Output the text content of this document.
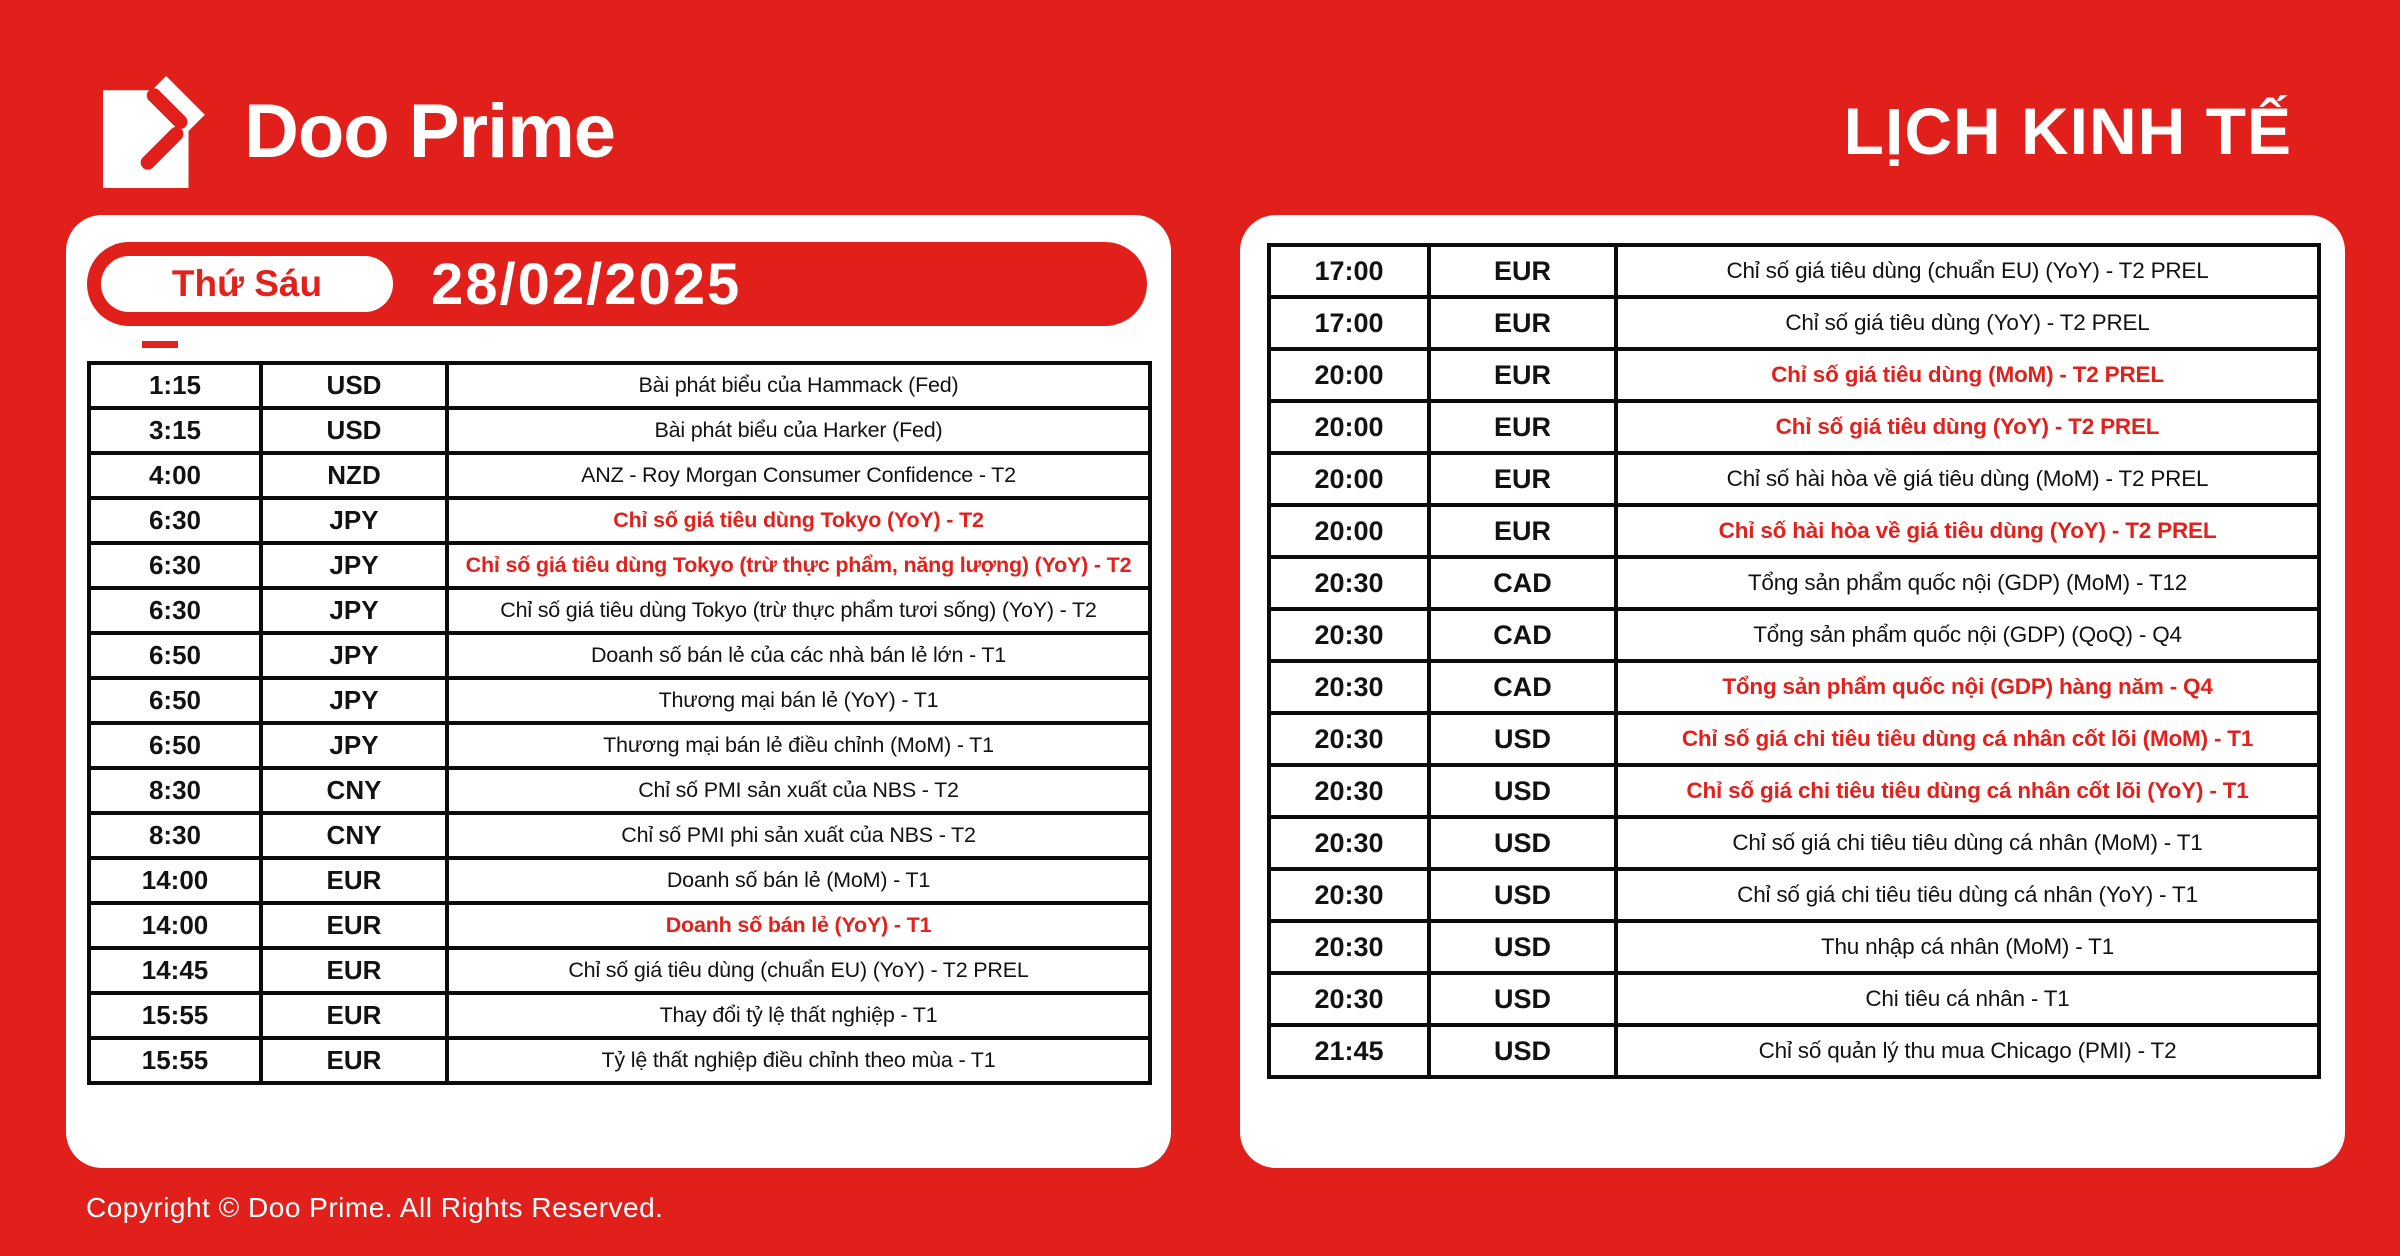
Doo Prime	LỊCH KINH TẾ
Thứ Sáu 28/02/2025
1:15	USD	Bài phát biểu của Hammack (Fed)
3:15	USD	Bài phát biểu của Harker (Fed)
4:00	NZD	ANZ - Roy Morgan Consumer Confidence - T2
6:30	JPY	Chỉ số giá tiêu dùng Tokyo (YoY) - T2
6:30	JPY	Chỉ số giá tiêu dùng Tokyo (trừ thực phẩm, năng lượng) (YoY) - T2
6:30	JPY	Chỉ số giá tiêu dùng Tokyo (trừ thực phẩm tươi sống) (YoY) - T2
6:50	JPY	Doanh số bán lẻ của các nhà bán lẻ lớn - T1
6:50	JPY	Thương mại bán lẻ (YoY) - T1
6:50	JPY	Thương mại bán lẻ điều chỉnh (MoM) - T1
8:30	CNY	Chỉ số PMI sản xuất của NBS - T2
8:30	CNY	Chỉ số PMI phi sản xuất của NBS - T2
14:00	EUR	Doanh số bán lẻ (MoM) - T1
14:00	EUR	Doanh số bán lẻ (YoY) - T1
14:45	EUR	Chỉ số giá tiêu dùng (chuẩn EU) (YoY) - T2 PREL
15:55	EUR	Thay đổi tỷ lệ thất nghiệp - T1
15:55	EUR	Tỷ lệ thất nghiệp điều chỉnh theo mùa - T1
17:00	EUR	Chỉ số giá tiêu dùng (chuẩn EU) (YoY) - T2 PREL
17:00	EUR	Chỉ số giá tiêu dùng (YoY) - T2 PREL
20:00	EUR	Chỉ số giá tiêu dùng (MoM) - T2 PREL
20:00	EUR	Chỉ số giá tiêu dùng (YoY) - T2 PREL
20:00	EUR	Chỉ số hài hòa về giá tiêu dùng (MoM) - T2 PREL
20:00	EUR	Chỉ số hài hòa về giá tiêu dùng (YoY) - T2 PREL
20:30	CAD	Tổng sản phẩm quốc nội (GDP) (MoM) - T12
20:30	CAD	Tổng sản phẩm quốc nội (GDP) (QoQ) - Q4
20:30	CAD	Tổng sản phẩm quốc nội (GDP) hàng năm - Q4
20:30	USD	Chỉ số giá chi tiêu tiêu dùng cá nhân cốt lõi (MoM) - T1
20:30	USD	Chỉ số giá chi tiêu tiêu dùng cá nhân cốt lõi (YoY) - T1
20:30	USD	Chỉ số giá chi tiêu tiêu dùng cá nhân (MoM) - T1
20:30	USD	Chỉ số giá chi tiêu tiêu dùng cá nhân (YoY) - T1
20:30	USD	Thu nhập cá nhân (MoM) - T1
20:30	USD	Chi tiêu cá nhân - T1
21:45	USD	Chỉ số quản lý thu mua Chicago (PMI) - T2
Copyright © Doo Prime. All Rights Reserved.
